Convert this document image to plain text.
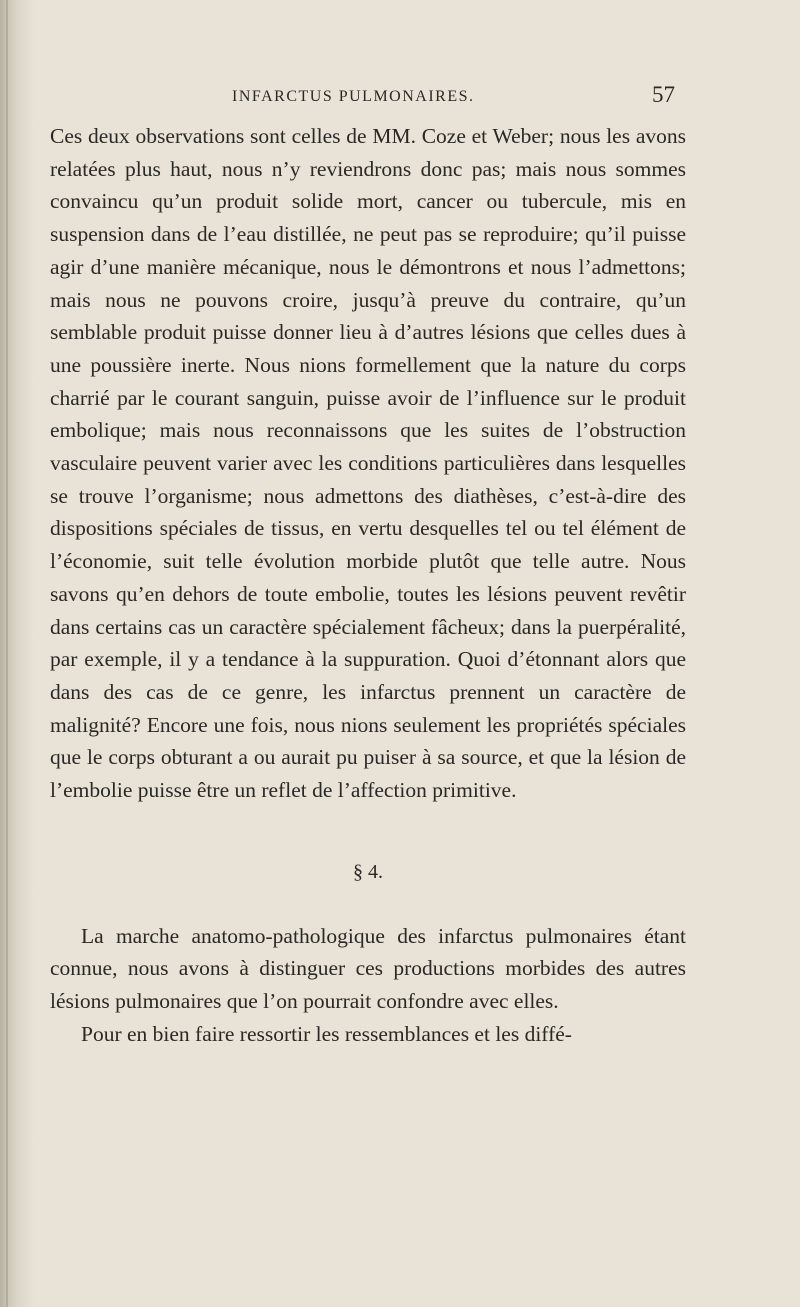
INFARCTUS PULMONAIRES.	57

Ces deux observations sont celles de MM. Coze et Weber; nous les avons relatées plus haut, nous n’y reviendrons donc pas; mais nous sommes convaincu qu’un produit solide mort, cancer ou tubercule, mis en suspension dans de l’eau distillée, ne peut pas se reproduire; qu’il puisse agir d’une manière mécanique, nous le démontrons et nous l’admettons; mais nous ne pouvons croire, jusqu’à preuve du contraire, qu’un semblable produit puisse donner lieu à d’autres lésions que celles dues à une poussière inerte. Nous nions formellement que la nature du corps charrié par le courant sanguin, puisse avoir de l’influence sur le produit embolique; mais nous reconnaissons que les suites de l’obstruction vasculaire peuvent varier avec les conditions particulières dans lesquelles se trouve l’organisme; nous admettons des diathèses, c’est-à-dire des dispositions spéciales de tissus, en vertu desquelles tel ou tel élément de l’économie, suit telle évolution morbide plutôt que telle autre. Nous savons qu’en dehors de toute embolie, toutes les lésions peuvent revêtir dans certains cas un caractère spécialement fâcheux; dans la puerpéralité, par exemple, il y a tendance à la suppuration. Quoi d’étonnant alors que dans des cas de ce genre, les infarctus prennent un caractère de malignité? Encore une fois, nous nions seulement les propriétés spéciales que le corps obturant a ou aurait pu puiser à sa source, et que la lésion de l’embolie puisse être un reflet de l’affection primitive.

§ 4.

La marche anatomo-pathologique des infarctus pulmonaires étant connue, nous avons à distinguer ces productions morbides des autres lésions pulmonaires que l’on pourrait confondre avec elles.

Pour en bien faire ressortir les ressemblances et les diffé-
